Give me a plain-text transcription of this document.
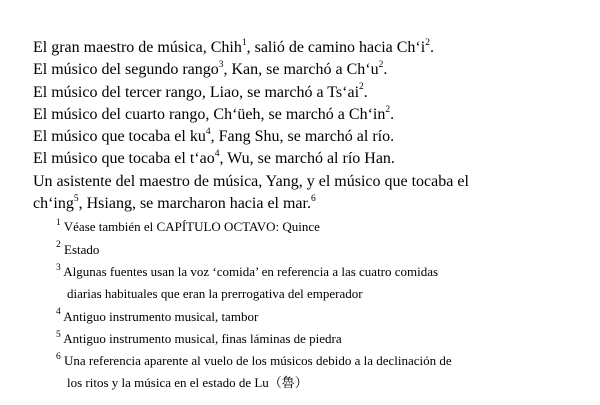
El gran maestro de música, Chih$^1$, salió de camino hacia $Ch‘i^2$.
El músico del segundo rango$^3$, Kan, se marchó a $Ch‘u^2$.
El músico del tercer rango, Liao, se marchó a $Ts‘ai^2$.
El músico del cuarto rango, Ch‘üeh, se marchó a $Ch‘in^2$.
El músico que tocaba el $ku^4$, Fang Shu, se marchó al río.
El músico que tocaba el $t‘ao^4$, Wu, se marchó al río Han.
Un asistente del maestro de música, Yang, y el músico que tocaba el
ch‘ing$^5$, Hsiang, se marcharon hacia el mar.$^6$
$^1$ Véase también el CAPÍTULO OCTAVO: Quince
$^2$ Estado
$^3$ Algunas fuentes usan la voz ‘comida’ en referencia a las cuatro comidas
diarias habituales que eran la prerrogativa del emperador
$^4$ Antiguo instrumento musical, tambor
$^5$ Antiguo instrumento musical, finas láminas de piedra
$^6$ Una referencia aparente al vuelo de los músicos debido a la declinación de
los ritos y la música en el estado de Lu（魯）
